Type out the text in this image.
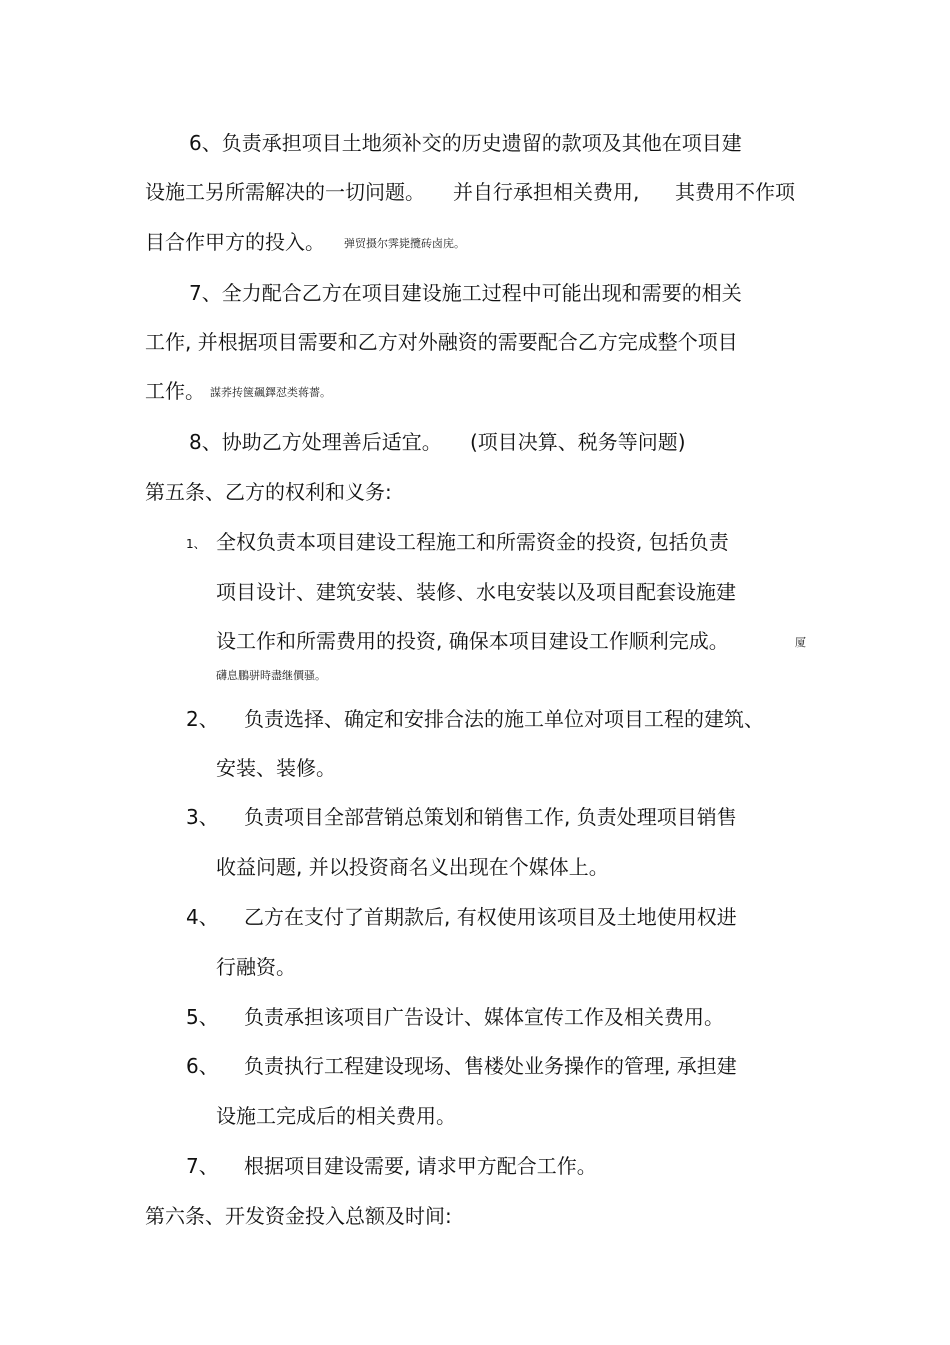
6、负责承担项目土地须补交的历史遗留的款项及其他在项目建
设施工另所需解决的一切问题。 并自行承担相关费用, 其费用不作项
目合作甲方的投入。 弹贸摄尔霁毙攬砖卤庑。
7、全力配合乙方在项目建设施工过程中可能出现和需要的相关
工作, 并根据项目需要和乙方对外融资的需要配合乙方完成整个项目
工作。 謀荞抟箧飆鐸怼类蒋薔。
8、协助乙方处理善后适宜。 (项目决算、税务等问题)
第五条、乙方的权利和义务:
1、 全权负责本项目建设工程施工和所需资金的投资, 包括负责
项目设计、建筑安装、装修、水电安装以及项目配套设施建
设工作和所需费用的投资, 确保本项目建设工作顺利完成。	厦
礴息鵬骈時盡继價骚。
2、 负责选择、确定和安排合法的施工单位对项目工程的建筑、
安装、装修。
3、 负责项目全部营销总策划和销售工作, 负责处理项目销售
收益问题, 并以投资商名义出现在个媒体上。
4、 乙方在支付了首期款后, 有权使用该项目及土地使用权进
行融资。
5、 负责承担该项目广告设计、媒体宣传工作及相关费用。
6、 负责执行工程建设现场、售楼处业务操作的管理, 承担建
设施工完成后的相关费用。
7、 根据项目建设需要, 请求甲方配合工作。
第六条、开发资金投入总额及时间:
